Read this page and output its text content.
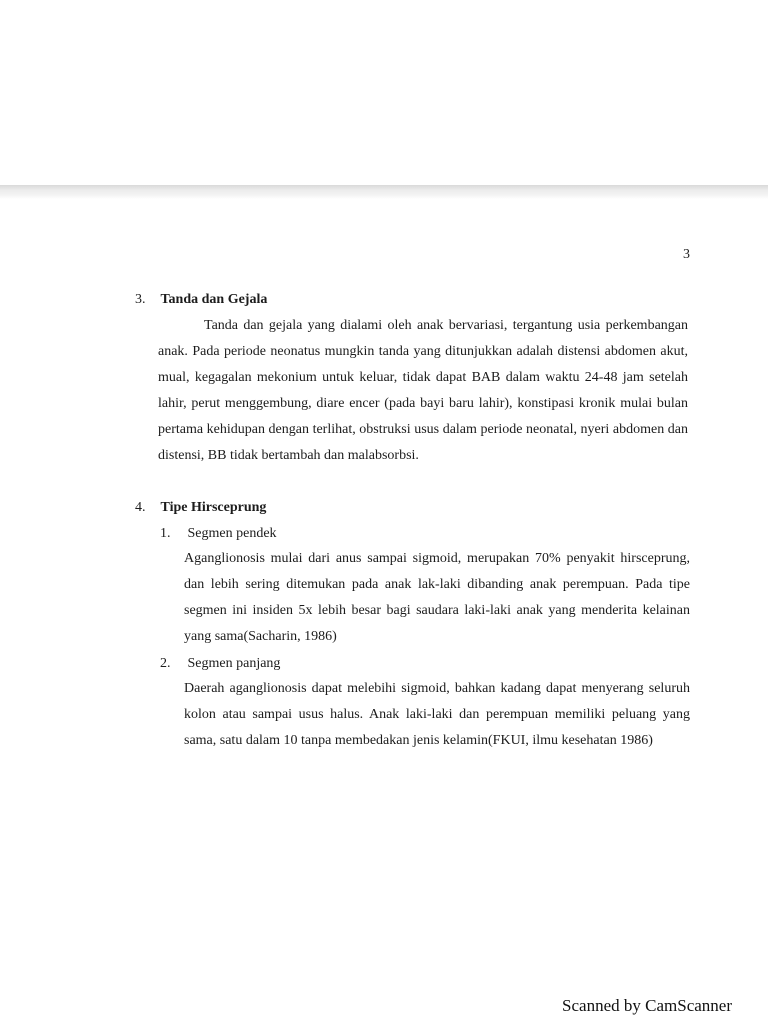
3
3. Tanda dan Gejala

Tanda dan gejala yang dialami oleh anak bervariasi, tergantung usia perkembangan anak. Pada periode neonatus mungkin tanda yang ditunjukkan adalah distensi abdomen akut, mual, kegagalan mekonium untuk keluar, tidak dapat BAB dalam waktu 24-48 jam setelah lahir, perut menggembung, diare encer (pada bayi baru lahir), konstipasi kronik mulai bulan pertama kehidupan dengan terlihat, obstruksi usus dalam periode neonatal, nyeri abdomen dan distensi, BB tidak bertambah dan malabsorbsi.

4. Tipe Hirsceprung
1. Segmen pendek

Aganglionosis mulai dari anus sampai sigmoid, merupakan 70% penyakit hirsceprung, dan lebih sering ditemukan pada anak lak-laki dibanding anak perempuan. Pada tipe segmen ini insiden 5x lebih besar bagi saudara laki-laki anak yang menderita kelainan yang sama(Sacharin, 1986)

2. Segmen panjang

Daerah aganglionosis dapat melebihi sigmoid, bahkan kadang dapat menyerang seluruh kolon atau sampai usus halus. Anak laki-laki dan perempuan memiliki peluang yang sama, satu dalam 10 tanpa membedakan jenis kelamin(FKUI, ilmu kesehatan 1986)

Scanned by CamScanner
